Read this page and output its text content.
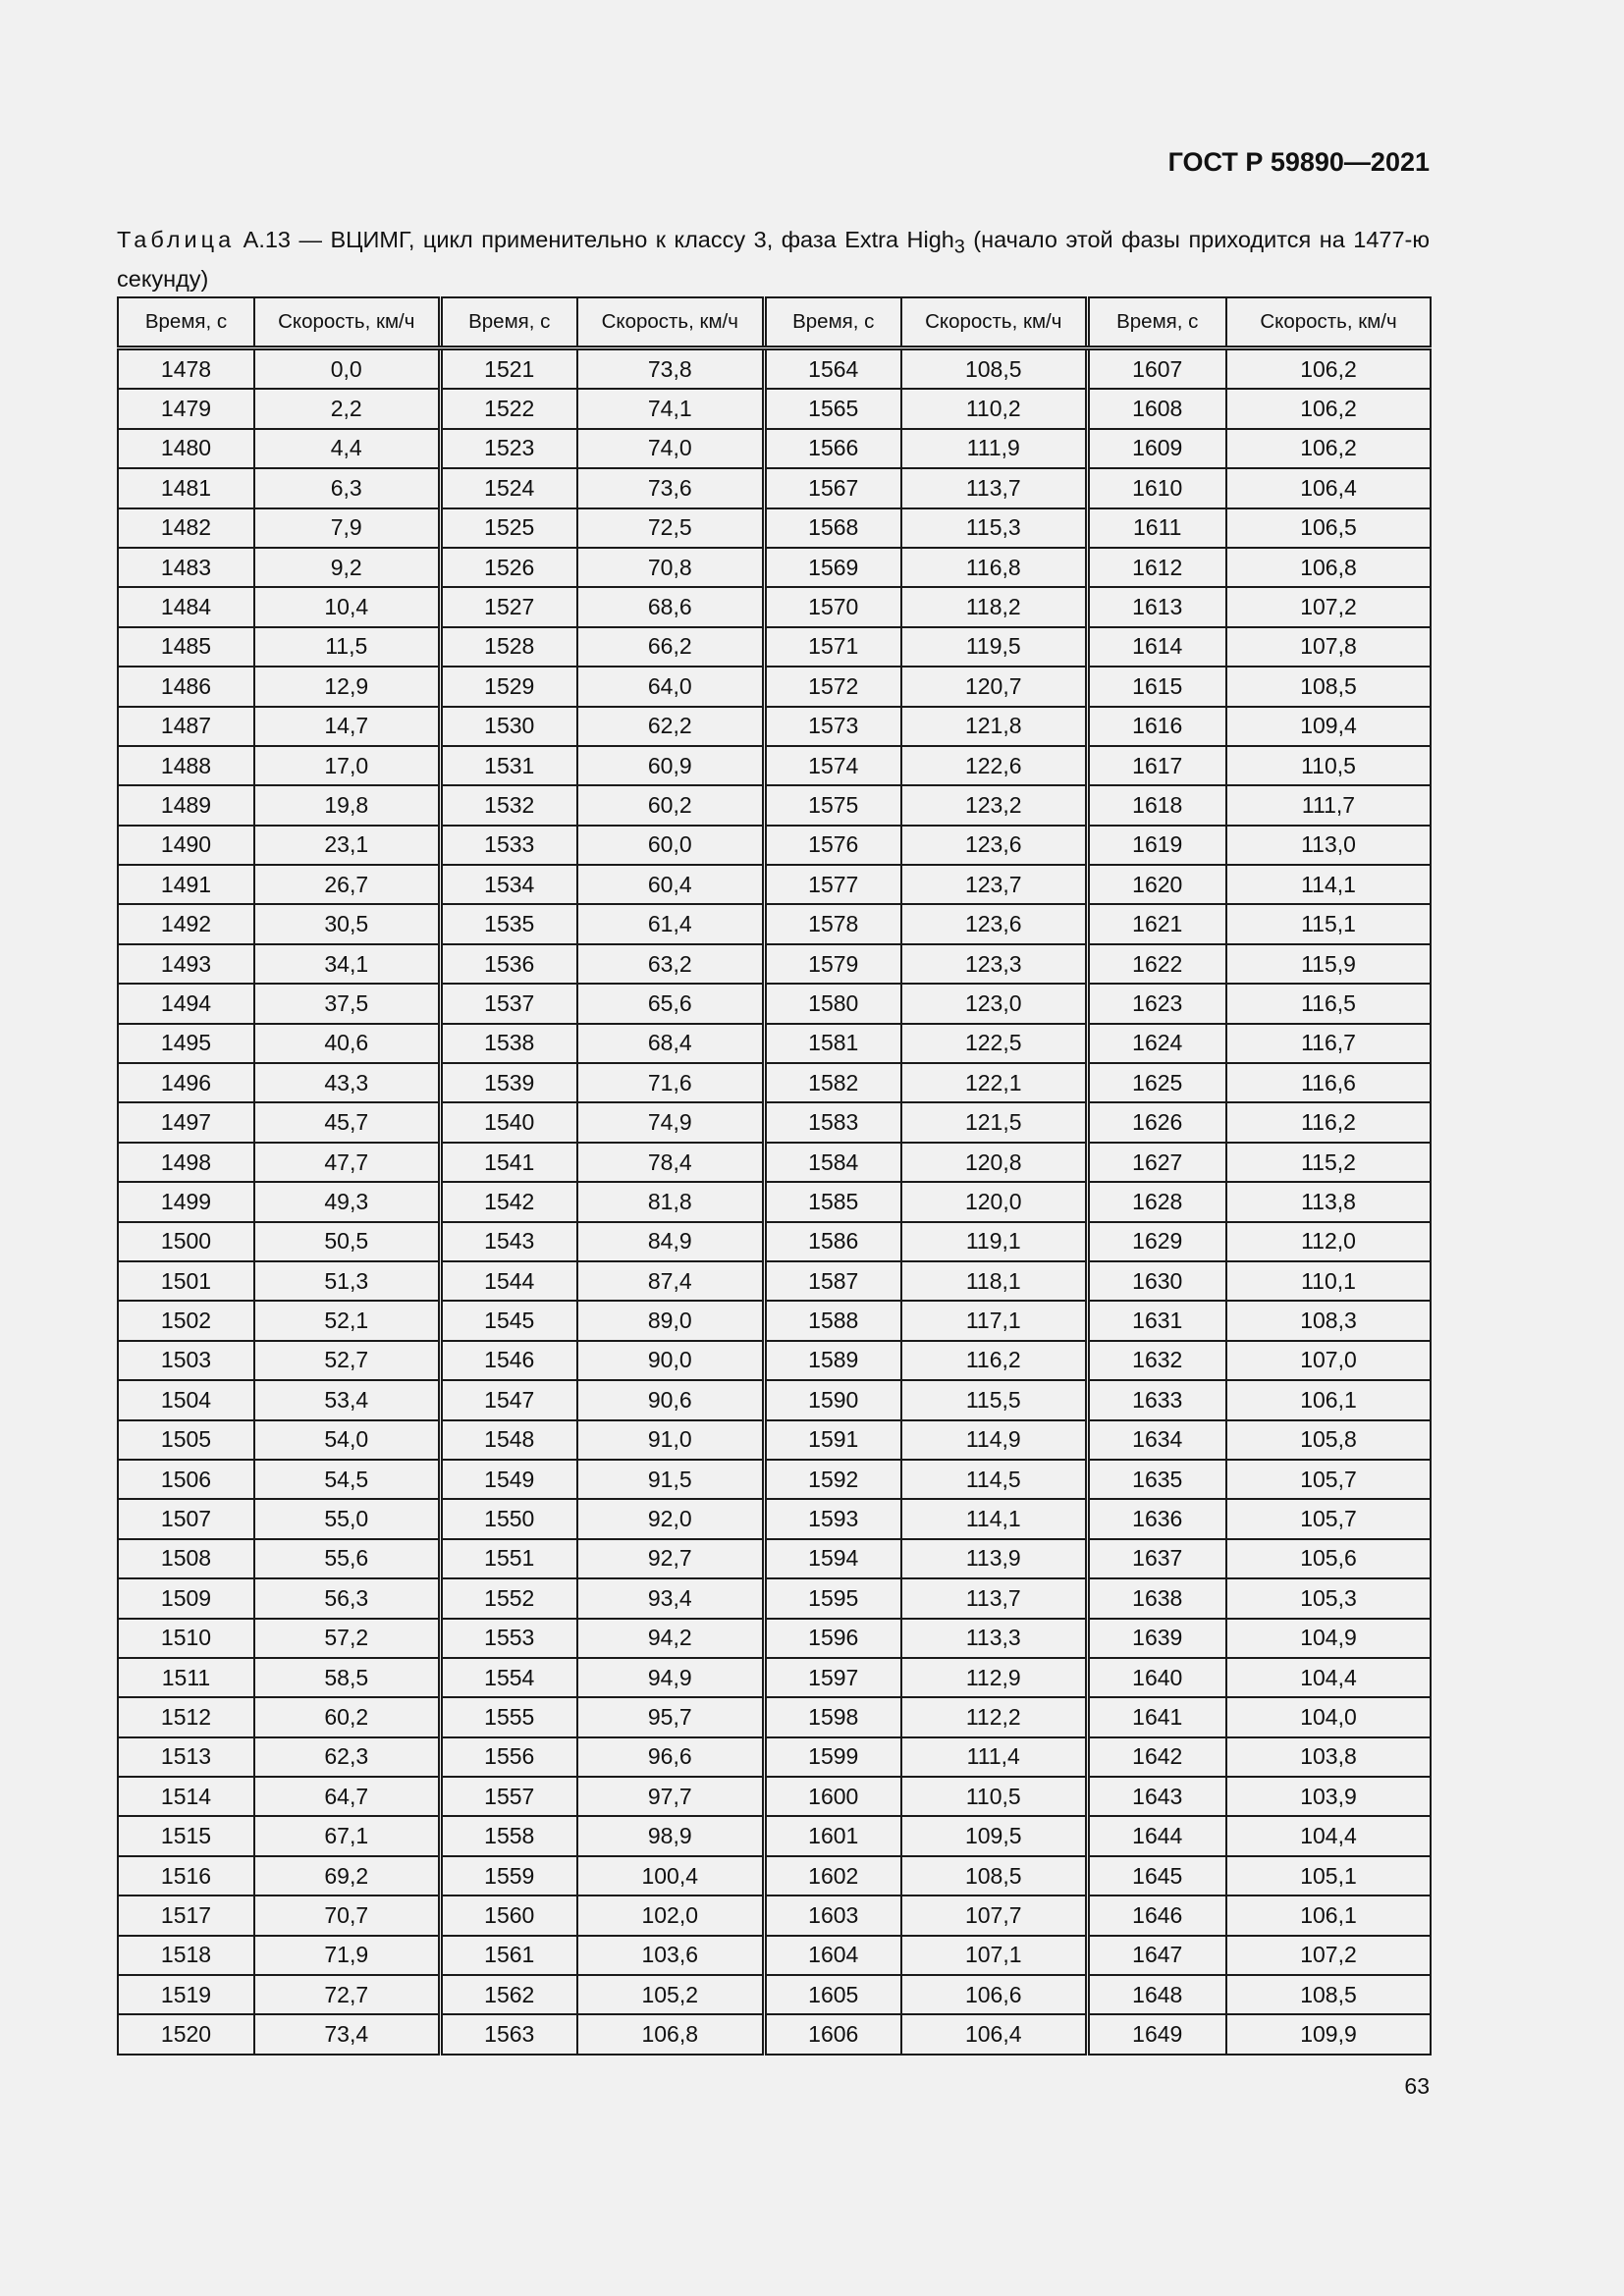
ГОСТ Р 59890—2021
Таблица А.13 — ВЦИМГ, цикл применительно к классу 3, фаза Extra High$_3$ (начало этой фазы приходится на 1477-ю секунду)
Время, с	Скорость, км/ч	Время, с	Скорость, км/ч	Время, с	Скорость, км/ч	Время, с	Скорость, км/ч
1478	0,0	1521	73,8	1564	108,5	1607	106,2
1479	2,2	1522	74,1	1565	110,2	1608	106,2
1480	4,4	1523	74,0	1566	111,9	1609	106,2
1481	6,3	1524	73,6	1567	113,7	1610	106,4
1482	7,9	1525	72,5	1568	115,3	1611	106,5
1483	9,2	1526	70,8	1569	116,8	1612	106,8
1484	10,4	1527	68,6	1570	118,2	1613	107,2
1485	11,5	1528	66,2	1571	119,5	1614	107,8
1486	12,9	1529	64,0	1572	120,7	1615	108,5
1487	14,7	1530	62,2	1573	121,8	1616	109,4
1488	17,0	1531	60,9	1574	122,6	1617	110,5
1489	19,8	1532	60,2	1575	123,2	1618	111,7
1490	23,1	1533	60,0	1576	123,6	1619	113,0
1491	26,7	1534	60,4	1577	123,7	1620	114,1
1492	30,5	1535	61,4	1578	123,6	1621	115,1
1493	34,1	1536	63,2	1579	123,3	1622	115,9
1494	37,5	1537	65,6	1580	123,0	1623	116,5
1495	40,6	1538	68,4	1581	122,5	1624	116,7
1496	43,3	1539	71,6	1582	122,1	1625	116,6
1497	45,7	1540	74,9	1583	121,5	1626	116,2
1498	47,7	1541	78,4	1584	120,8	1627	115,2
1499	49,3	1542	81,8	1585	120,0	1628	113,8
1500	50,5	1543	84,9	1586	119,1	1629	112,0
1501	51,3	1544	87,4	1587	118,1	1630	110,1
1502	52,1	1545	89,0	1588	117,1	1631	108,3
1503	52,7	1546	90,0	1589	116,2	1632	107,0
1504	53,4	1547	90,6	1590	115,5	1633	106,1
1505	54,0	1548	91,0	1591	114,9	1634	105,8
1506	54,5	1549	91,5	1592	114,5	1635	105,7
1507	55,0	1550	92,0	1593	114,1	1636	105,7
1508	55,6	1551	92,7	1594	113,9	1637	105,6
1509	56,3	1552	93,4	1595	113,7	1638	105,3
1510	57,2	1553	94,2	1596	113,3	1639	104,9
1511	58,5	1554	94,9	1597	112,9	1640	104,4
1512	60,2	1555	95,7	1598	112,2	1641	104,0
1513	62,3	1556	96,6	1599	111,4	1642	103,8
1514	64,7	1557	97,7	1600	110,5	1643	103,9
1515	67,1	1558	98,9	1601	109,5	1644	104,4
1516	69,2	1559	100,4	1602	108,5	1645	105,1
1517	70,7	1560	102,0	1603	107,7	1646	106,1
1518	71,9	1561	103,6	1604	107,1	1647	107,2
1519	72,7	1562	105,2	1605	106,6	1648	108,5
1520	73,4	1563	106,8	1606	106,4	1649	109,9
63
